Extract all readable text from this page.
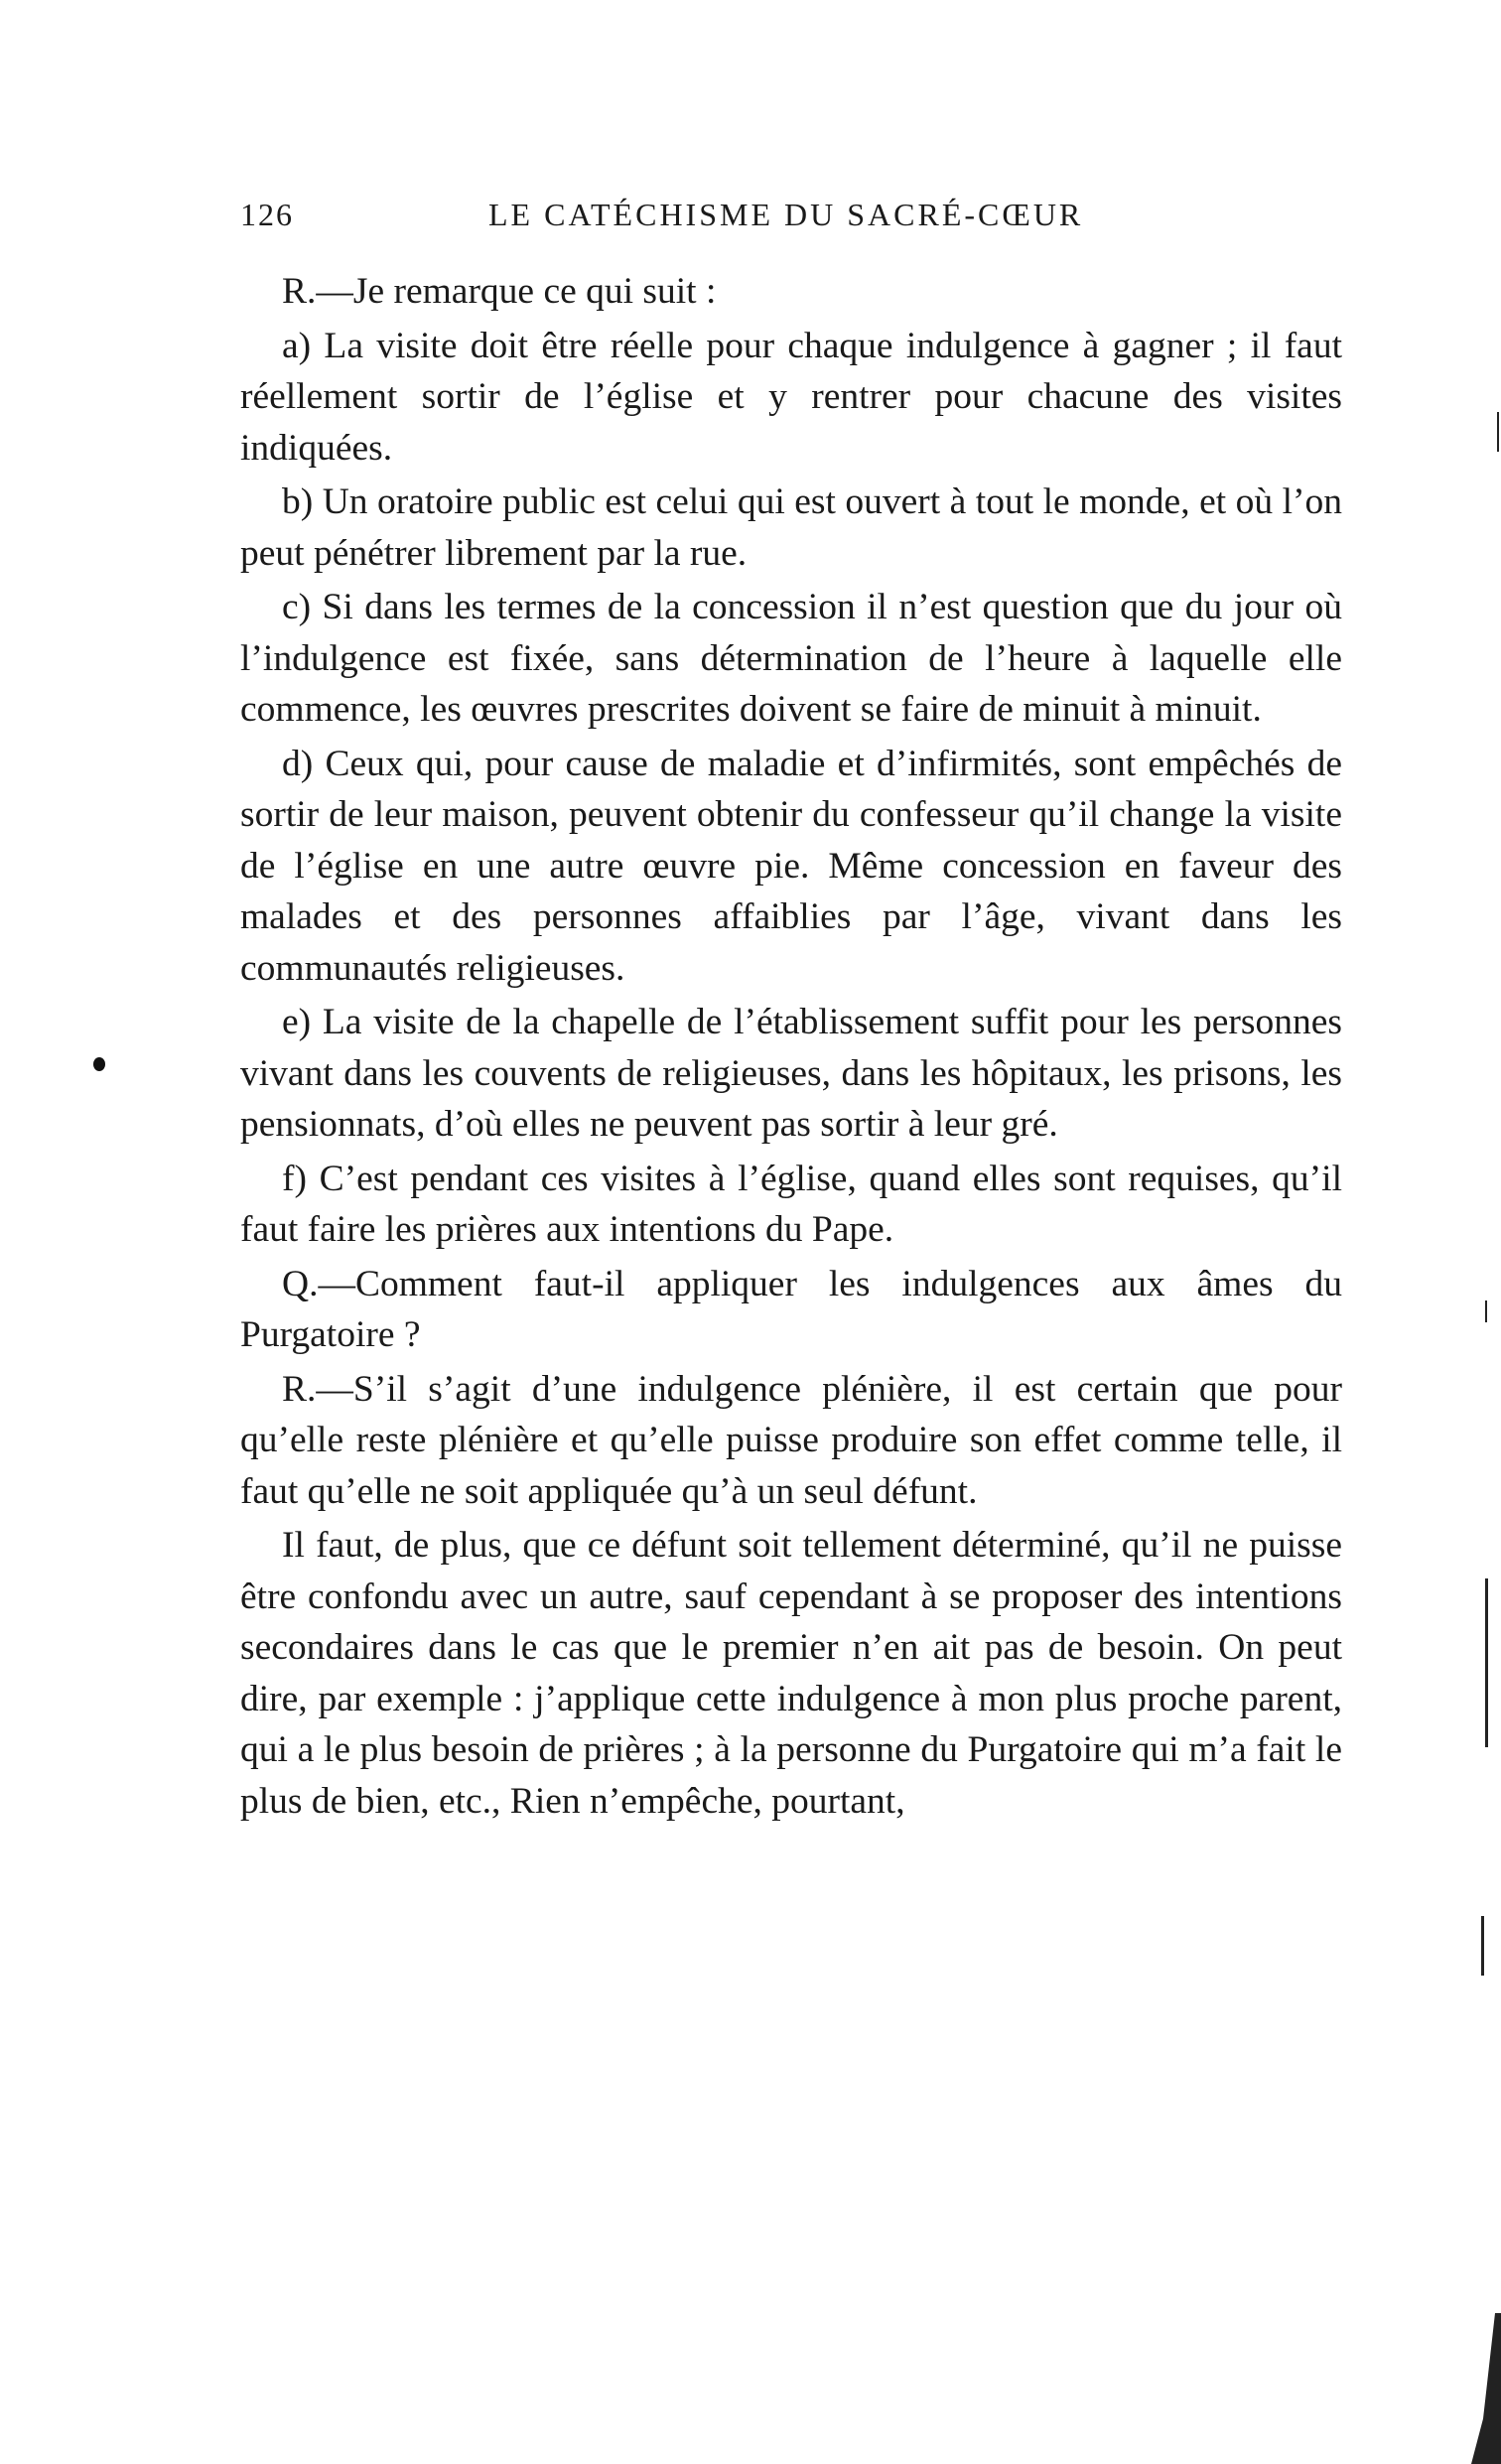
126	LE CATÉCHISME DU SACRÉ-CŒUR

R.—Je remarque ce qui suit :

a) La visite doit être réelle pour chaque indulgence à gagner ; il faut réellement sortir de l’église et y rentrer pour chacune des visites indiquées.

b) Un oratoire public est celui qui est ouvert à tout le monde, et où l’on peut pénétrer librement par la rue.

c) Si dans les termes de la concession il n’est question que du jour où l’indulgence est fixée, sans détermination de l’heure à laquelle elle commence, les œuvres prescrites doivent se faire de minuit à minuit.

d) Ceux qui, pour cause de maladie et d’infirmités, sont empêchés de sortir de leur maison, peuvent obtenir du confesseur qu’il change la visite de l’église en une autre œuvre pie. Même concession en faveur des malades et des personnes affaiblies par l’âge, vivant dans les communautés religieuses.

e) La visite de la chapelle de l’établissement suffit pour les personnes vivant dans les couvents de religieuses, dans les hôpitaux, les prisons, les pensionnats, d’où elles ne peuvent pas sortir à leur gré.

f) C’est pendant ces visites à l’église, quand elles sont requises, qu’il faut faire les prières aux intentions du Pape.

Q.—Comment faut-il appliquer les indulgences aux âmes du Purgatoire ?

R.—S’il s’agit d’une indulgence plénière, il est certain que pour qu’elle reste plénière et qu’elle puisse produire son effet comme telle, il faut qu’elle ne soit appliquée qu’à un seul défunt.

Il faut, de plus, que ce défunt soit tellement déterminé, qu’il ne puisse être confondu avec un autre, sauf cependant à se proposer des intentions secondaires dans le cas que le premier n’en ait pas de besoin. On peut dire, par exemple : j’applique cette indulgence à mon plus proche parent, qui a le plus besoin de prières ; à la personne du Purgatoire qui m’a fait le plus de bien, etc., Rien n’empêche, pourtant,
